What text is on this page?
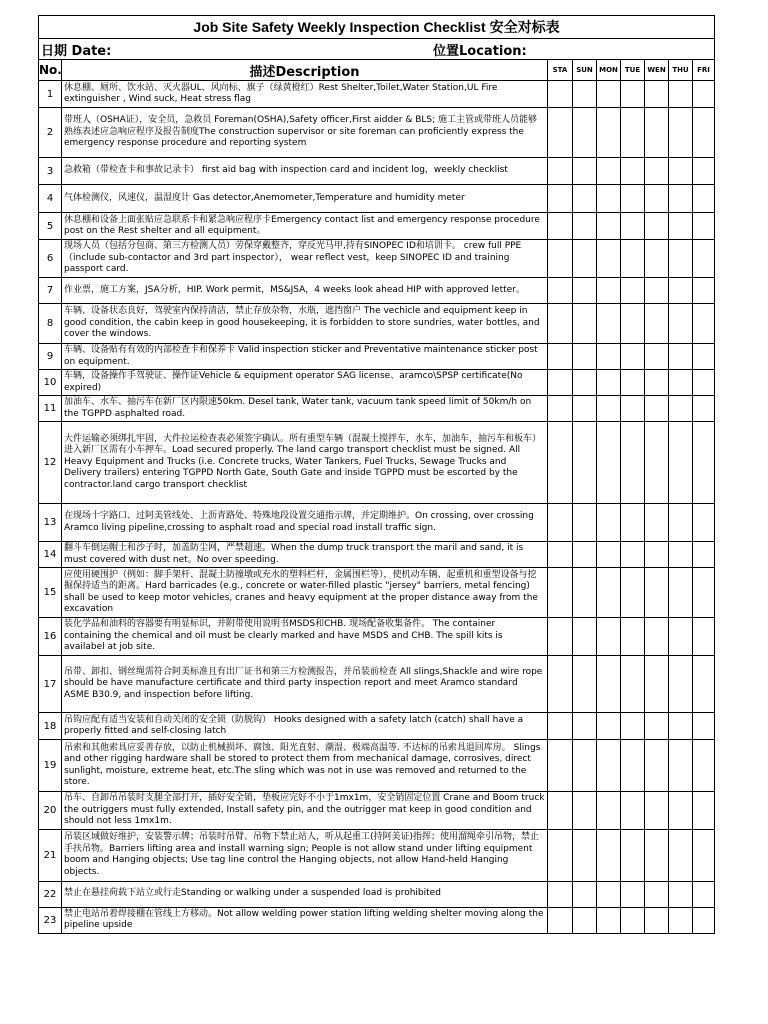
Job Site Safety Weekly Inspection Checklist 安全对标表								
日期 Date: 位置Location:								
No.	描述Description	STA	SUN	MON	TUE	WEN	THU	FRI
1	休息棚、厕所、饮水站、灭火器UL、风向标、旗子（绿黄橙红）Rest Shelter,Toilet,Water Station,UL Fire extinguisher , Wind suck, Heat stress flag							
2	带班人（OSHA证），安全员，急救员 Foreman(OSHA),Safety officer,First aidder & BLS; 施工主管或带班人员能够熟练表述应急响应程序及报告制度The construction supervisor or site foreman can proficiently express the emergency response procedure and reporting system							
3	急救箱（带检查卡和事故记录卡） first aid bag with inspection card and incident log，weekly checklist							
4	气体检测仪，风速仪，温湿度计 Gas detector,Anemometer,Temperature and humidity meter							
5	休息棚和设备上面张贴应急联系卡和紧急响应程序卡Emergency contact list and emergency response procedure post on the Rest shelter and all equipment。							
6	现场人员（包括分包商、第三方检测人员）劳保穿戴整齐，穿反光马甲,持有SINOPEC ID和培训卡。 crew full PPE （include sub-contactor and 3rd part inspector）， wear reflect vest，keep SINOPEC ID and training passport card.							
7	作业票，施工方案，JSA分析，HIP. Work permit，MS&JSA，4 weeks look ahead HIP with approved letter。							
8	车辆、设备状态良好，驾驶室内保持清洁，禁止存放杂物，水瓶，遮挡窗户 The vechicle and equipment keep in good condition, the cabin keep in good housekeeping, it is forbidden to store sundries, water bottles, and cover the windows.							
9	车辆、设备贴有有效的内部检查卡和保养卡 Valid inspection sticker and Preventative maintenance sticker post on equipment.							
10	车辆，设备操作手驾驶证、操作证Vehicle & equipment operator SAG license、aramco\SPSP certificate(No expired)							
11	加油车、水车、抽污车在新厂区内限速50km. Desel tank, Water tank, vacuum tank speed limit of 50km/h on the TGPPD asphalted road.							
12	大件运输必须绑扎牢固，大件拉运检查表必须签字确认。所有重型车辆（混凝土搅拌车，水车，加油车，抽污车和板车）进入新厂区需有小车押车。Load secured properly. The land cargo transport checklist must be signed. All Heavy Equipment and Trucks (i.e. Concrete trucks, Water Tankers, Fuel Trucks, Sewage Trucks and Delivery trailers) entering TGPPD North Gate, South Gate and inside TGPPD must be escorted by the contractor.land cargo transport checklist							
13	在现场十字路口、过阿美管线处、上沥青路处、特殊地段设置交通指示牌，并定期维护。On crossing, over crossing Aramco living pipeline,crossing to asphalt road and special road install traffic sign.							
14	翻斗车倒运帽土和沙子时，加盖防尘网，严禁超速。When the dump truck transport the maril and sand, it is must covered with dust net。No over speeding.							
15	应使用硬围护（例如：脚手架杆、混凝土防撞墩或充水的塑料栏杆，金属围栏等），使机动车辆、起重机和重型设备与挖掘保持适当的距离。Hard barricades (e.g., concrete or water-filled plastic "jersey" barriers, metal fencing) shall be used to keep motor vehicles, cranes and heavy equipment at the proper distance away from the excavation							
16	装化学品和油料的容器要有明显标识，并附带使用说明书MSDS和CHB. 现场配备收集备件。 The container containing the chemical and oil must be clearly marked and have MSDS and CHB. The spill kits is availabel at job site.							
17	吊带、卸扣、钢丝绳需符合阿美标准且有出厂证书和第三方检测报告，并吊装前检查 All slings,Shackle and wire rope should be have manufacture certificate and third party inspection report and meet Aramco standard ASME B30.9, and inspection before lifting.							
18	吊钩应配有适当安装和自动关闭的安全锁（防脱钩） Hooks designed with a safety latch (catch) shall have a properly fitted and self-closing latch							
19	吊索和其他索具应妥善存放，以防止机械损坏、腐蚀、阳光直射、潮湿、极端高温等. 不达标的吊索具退回库房。 Slings and other rigging hardware shall be stored to protect them from mechanical damage, corrosives, direct sunlight, moisture, extreme heat, etc.The sling which was not in use was removed and returned to the store.							
20	吊车、自卸吊吊装时支腿全部打开，插好安全销，垫板应完好不小于1mx1m，安全销固定位置 Crane and Boom truck the outriggers must fully extended, Install safety pin, and the outrigger mat keep in good condition and should not less 1mx1m.							
21	吊装区域做好维护，安装警示牌；吊装时吊臂、吊物下禁止站人，听从起重工(持阿美证)指挥；使用溜绳牵引吊物，禁止手扶吊物。Barriers lifting area and install warning sign; People is not allow stand under lifting equipment boom and Hanging objects; Use tag line control the Hanging objects, not allow Hand-held Hanging objects.							
22	禁止在悬挂荷载下站立或行走Standing or walking under a suspended load is prohibited							
23	禁止电站吊着焊接棚在管线上方移动。Not allow welding power station lifting welding shelter moving along the pipeline upside							
